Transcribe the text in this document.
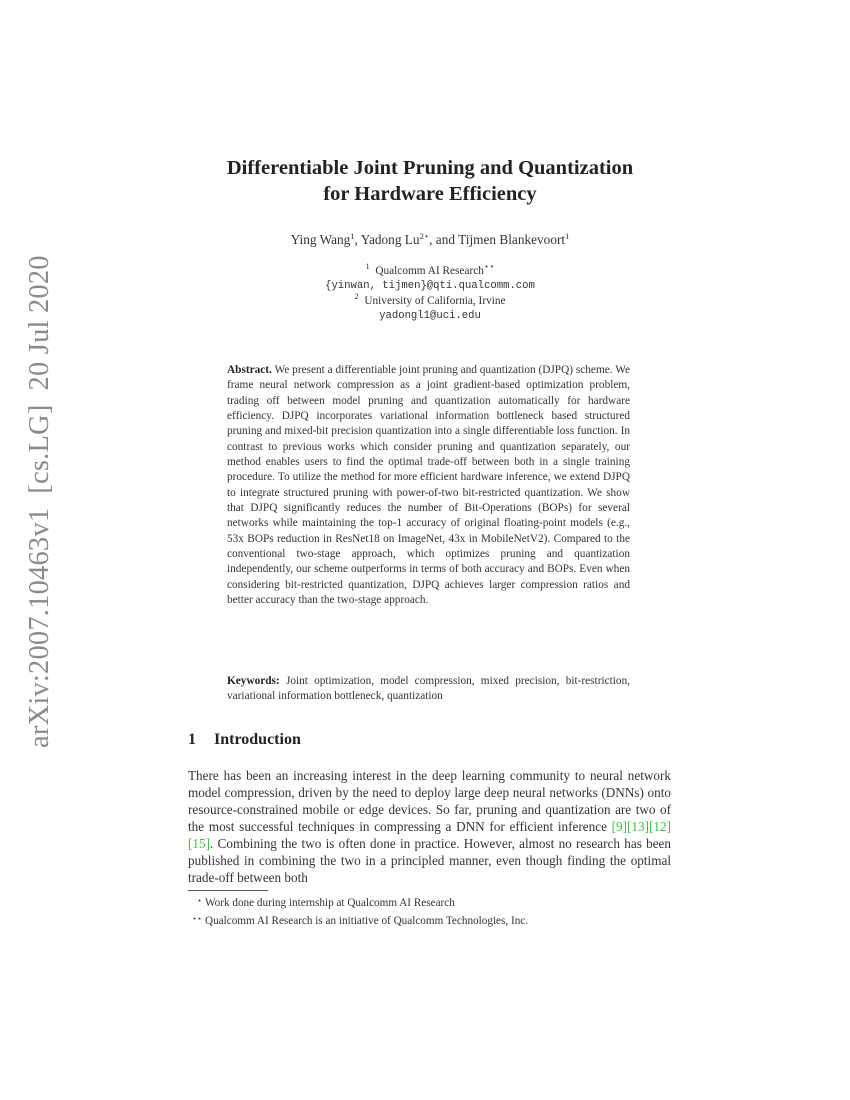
arXiv:2007.10463v1[cs.LG]20 Jul 2020
Differentiable Joint Pruning and Quantization
for Hardware Efficiency
Ying Wang$^1$, Yadong $Lu^{2⋆}$, and Tijmen Blankevoort$^1$
$^1$ Qualcomm AI Research⋆⋆
{yinwan, tijmen}@qti.qualcomm.com
$^2$ University of California, Irvine
yadongl1@uci.edu
Abstract. We present a differentiable joint pruning and quantization (DJPQ) scheme. We frame neural network compression as a joint gradient-based optimization problem, trading off between model pruning and quantization automatically for hardware efficiency. DJPQ incorporates variational information bottleneck based structured pruning and mixed-bit precision quantization into a single differentiable loss function. In contrast to previous works which consider pruning and quantization separately, our method enables users to find the optimal trade-off between both in a single training procedure. To utilize the method for more efficient hardware inference, we extend DJPQ to integrate structured pruning with power-of-two bit-restricted quantization. We show that DJPQ significantly reduces the number of Bit-Operations (BOPs) for several networks while maintaining the top-1 accuracy of original floating-point models (e.g., 53x BOPs reduction in ResNet18 on ImageNet, 43x in MobileNetV2). Compared to the conventional two-stage approach, which optimizes pruning and quantization independently, our scheme outperforms in terms of both accuracy and BOPs. Even when considering bit-restricted quantization, DJPQ achieves larger compression ratios and better accuracy than the two-stage approach.
Keywords: Joint optimization, model compression, mixed precision, bit-restriction, variational information bottleneck, quantization
1 Introduction
There has been an increasing interest in the deep learning community to neural network model compression, driven by the need to deploy large deep neural networks (DNNs) onto resource-constrained mobile or edge devices. So far, pruning and quantization are two of the most successful techniques in compressing a DNN for efficient inference [9][13][12][15]. Combining the two is often done in practice. However, almost no research has been published in combining the two in a principled manner, even though finding the optimal trade-off between both
⋆ Work done during internship at Qualcomm AI Research
⋆⋆ Qualcomm AI Research is an initiative of Qualcomm Technologies, Inc.
